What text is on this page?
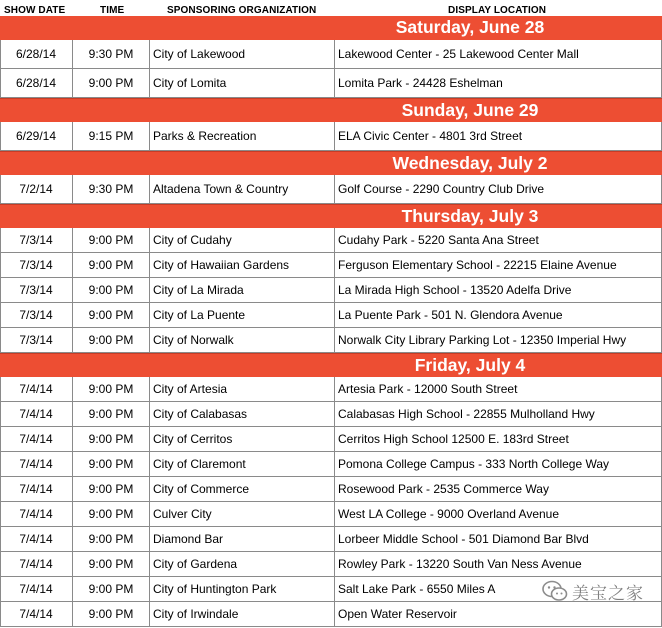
SHOW DATE	TIME	SPONSORING ORGANIZATION	DISPLAY LOCATION
Saturday, June 28
6/28/14	9:30 PM	City of Lakewood	Lakewood Center - 25 Lakewood Center Mall
6/28/14	9:00 PM	City of Lomita	Lomita Park - 24428 Eshelman
Sunday, June 29
6/29/14	9:15 PM	Parks & Recreation	ELA Civic Center - 4801 3rd Street
Wednesday, July 2
7/2/14	9:30 PM	Altadena Town & Country	Golf Course - 2290 Country Club Drive
Thursday, July 3
7/3/14	9:00 PM	City of Cudahy	Cudahy Park - 5220 Santa Ana Street
7/3/14	9:00 PM	City of Hawaiian Gardens	Ferguson Elementary School - 22215 Elaine Avenue
7/3/14	9:00 PM	City of La Mirada	La Mirada High School - 13520 Adelfa Drive
7/3/14	9:00 PM	City of La Puente	La Puente Park - 501 N. Glendora Avenue
7/3/14	9:00 PM	City of Norwalk	Norwalk City Library Parking Lot - 12350 Imperial Hwy
Friday, July 4
7/4/14	9:00 PM	City of Artesia	Artesia Park - 12000 South Street
7/4/14	9:00 PM	City of Calabasas	Calabasas High School - 22855 Mulholland Hwy
7/4/14	9:00 PM	City of Cerritos	Cerritos High School 12500 E. 183rd Street
7/4/14	9:00 PM	City of Claremont	Pomona College Campus - 333 North College Way
7/4/14	9:00 PM	City of Commerce	Rosewood Park - 2535 Commerce Way
7/4/14	9:00 PM	Culver City	West LA College - 9000 Overland Avenue
7/4/14	9:00 PM	Diamond Bar	Lorbeer Middle School - 501 Diamond Bar Blvd
7/4/14	9:00 PM	City of Gardena	Rowley Park - 13220 South Van Ness Avenue
7/4/14	9:00 PM	City of Huntington Park	Salt Lake Park - 6550 Miles A
7/4/14	9:00 PM	City of Irwindale	Open Water Reservoir
美宝之家
